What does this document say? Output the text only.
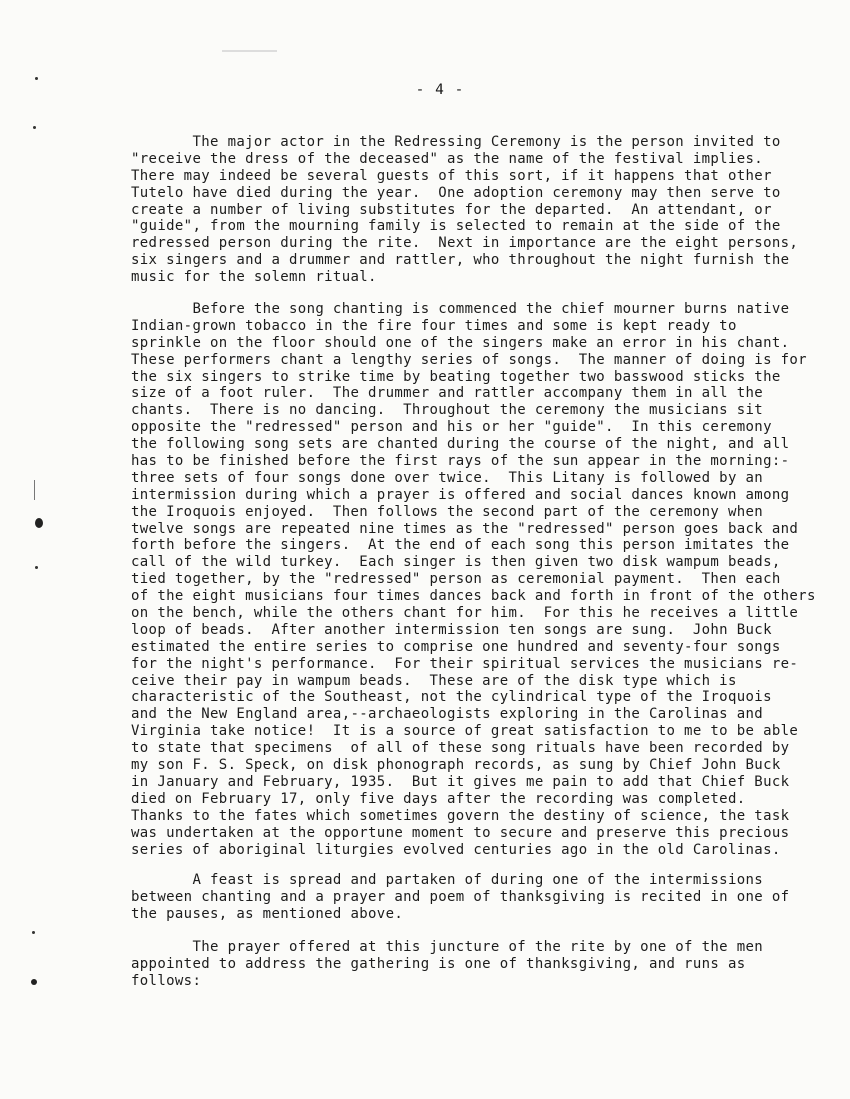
- 4 -
The major actor in the Redressing Ceremony is the person invited to
"receive the dress of the deceased" as the name of the festival implies.
There may indeed be several guests of this sort, if it happens that other
Tutelo have died during the year.  One adoption ceremony may then serve to
create a number of living substitutes for the departed.  An attendant, or
"guide", from the mourning family is selected to remain at the side of the
redressed person during the rite.  Next in importance are the eight persons,
six singers and a drummer and rattler, who throughout the night furnish the
music for the solemn ritual.
Before the song chanting is commenced the chief mourner burns native
Indian-grown tobacco in the fire four times and some is kept ready to
sprinkle on the floor should one of the singers make an error in his chant.
These performers chant a lengthy series of songs.  The manner of doing is for
the six singers to strike time by beating together two basswood sticks the
size of a foot ruler.  The drummer and rattler accompany them in all the
chants.  There is no dancing.  Throughout the ceremony the musicians sit
opposite the "redressed" person and his or her "guide".  In this ceremony
the following song sets are chanted during the course of the night, and all
has to be finished before the first rays of the sun appear in the morning:-
three sets of four songs done over twice.  This Litany is followed by an
intermission during which a prayer is offered and social dances known among
the Iroquois enjoyed.  Then follows the second part of the ceremony when
twelve songs are repeated nine times as the "redressed" person goes back and
forth before the singers.  At the end of each song this person imitates the
call of the wild turkey.  Each singer is then given two disk wampum beads,
tied together, by the "redressed" person as ceremonial payment.  Then each
of the eight musicians four times dances back and forth in front of the others
on the bench, while the others chant for him.  For this he receives a little
loop of beads.  After another intermission ten songs are sung.  John Buck
estimated the entire series to comprise one hundred and seventy-four songs
for the night's performance.  For their spiritual services the musicians re-
ceive their pay in wampum beads.  These are of the disk type which is
characteristic of the Southeast, not the cylindrical type of the Iroquois
and the New England area,--archaeologists exploring in the Carolinas and
Virginia take notice!  It is a source of great satisfaction to me to be able
to state that specimens  of all of these song rituals have been recorded by
my son F. S. Speck, on disk phonograph records, as sung by Chief John Buck
in January and February, 1935.  But it gives me pain to add that Chief Buck
died on February 17, only five days after the recording was completed.
Thanks to the fates which sometimes govern the destiny of science, the task
was undertaken at the opportune moment to secure and preserve this precious
series of aboriginal liturgies evolved centuries ago in the old Carolinas.
A feast is spread and partaken of during one of the intermissions
between chanting and a prayer and poem of thanksgiving is recited in one of
the pauses, as mentioned above.
The prayer offered at this juncture of the rite by one of the men
appointed to address the gathering is one of thanksgiving, and runs as
follows:
